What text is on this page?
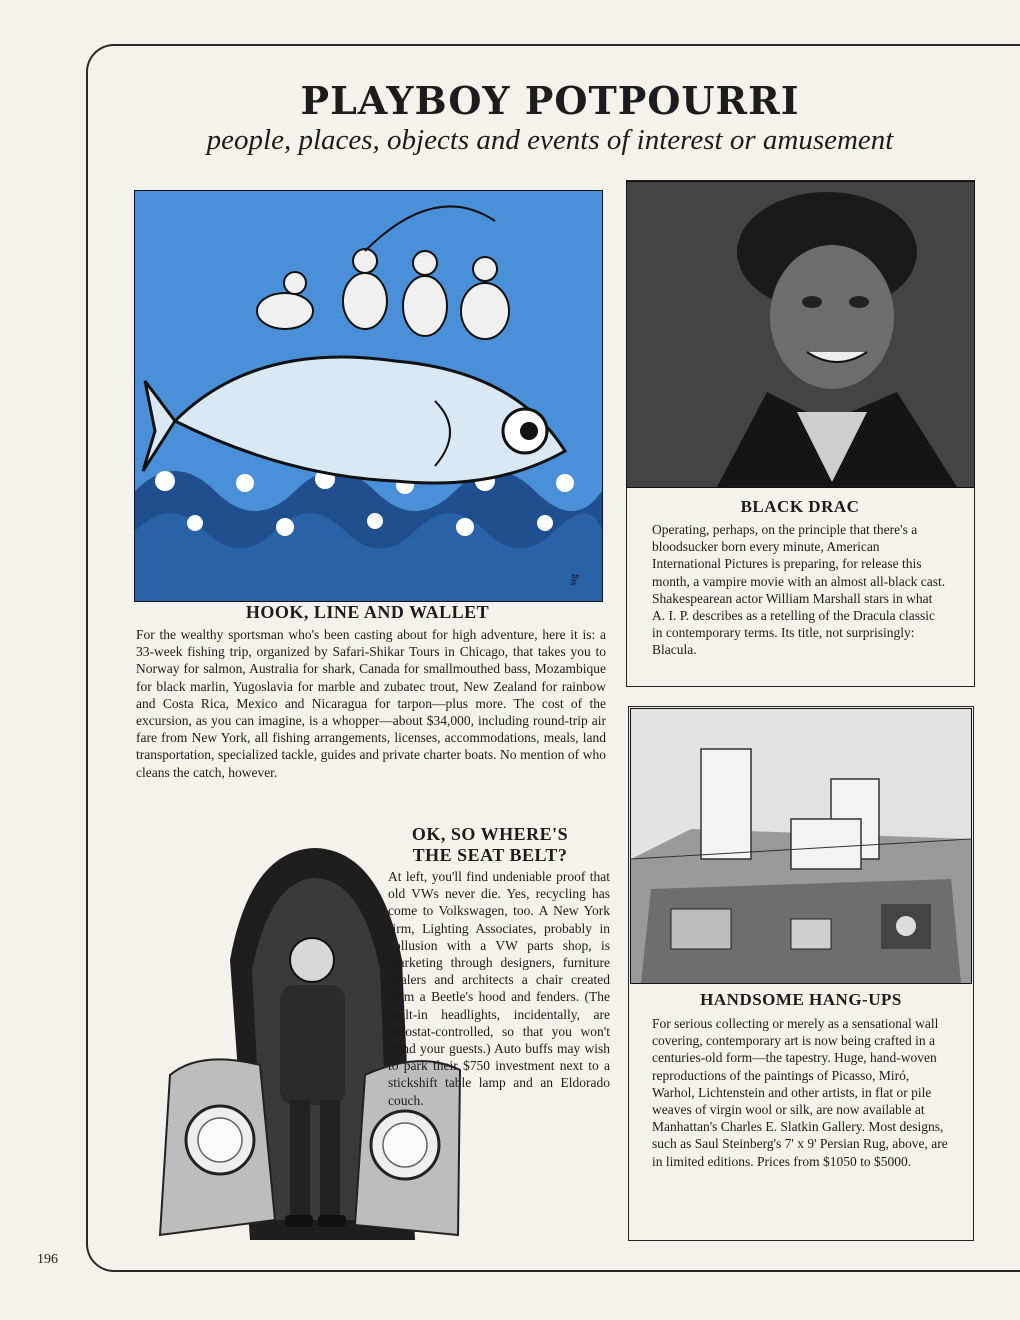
PLAYBOY POTPOURRI

people, places, objects and events of interest or amusement

sig
BLACK DRAC

Operating, perhaps, on the principle that there's a bloodsucker born every minute, American International Pictures is preparing, for release this month, a vampire movie with an almost all-black cast. Shakespearean actor William Marshall stars in what A. I. P. describes as a retelling of the Dracula classic in contemporary terms. Its title, not surprisingly: Blacula.

HOOK, LINE AND WALLET

For the wealthy sportsman who's been casting about for high adventure, here it is: a 33-week fishing trip, organized by Safari-Shikar Tours in Chicago, that takes you to Norway for salmon, Australia for shark, Canada for smallmouthed bass, Mozambique for black marlin, Yugoslavia for marble and zubatec trout, New Zealand for rainbow and Costa Rica, Mexico and Nicaragua for tarpon—plus more. The cost of the excursion, as you can imagine, is a whopper—about $34,000, including round-trip air fare from New York, all fishing arrangements, licenses, accommodations, meals, land transportation, specialized tackle, guides and private charter boats. No mention of who cleans the catch, however.

HANDSOME HANG-UPS

For serious collecting or merely as a sensational wall covering, contemporary art is now being crafted in a centuries-old form—the tapestry. Huge, hand-woven reproductions of the paintings of Picasso, Miró, Warhol, Lichtenstein and other artists, in flat or pile weaves of virgin wool or silk, are now available at Manhattan's Charles E. Slatkin Gallery. Most designs, such as Saul Steinberg's 7' x 9' Persian Rug, above, are in limited editions. Prices from $1050 to $5000.

OK, SO WHERE'S THE SEAT BELT?

At left, you'll find undeniable proof that old VWs never die. Yes, recycling has come to Volkswagen, too. A New York firm, Lighting Associates, probably in collusion with a VW parts shop, is marketing through designers, furniture dealers and architects a chair created from a Beetle's hood and fenders. (The built-in headlights, incidentally, are rheostat-controlled, so that you won't blind your guests.) Auto buffs may wish to park their $750 investment next to a stickshift table lamp and an Eldorado couch.

196
